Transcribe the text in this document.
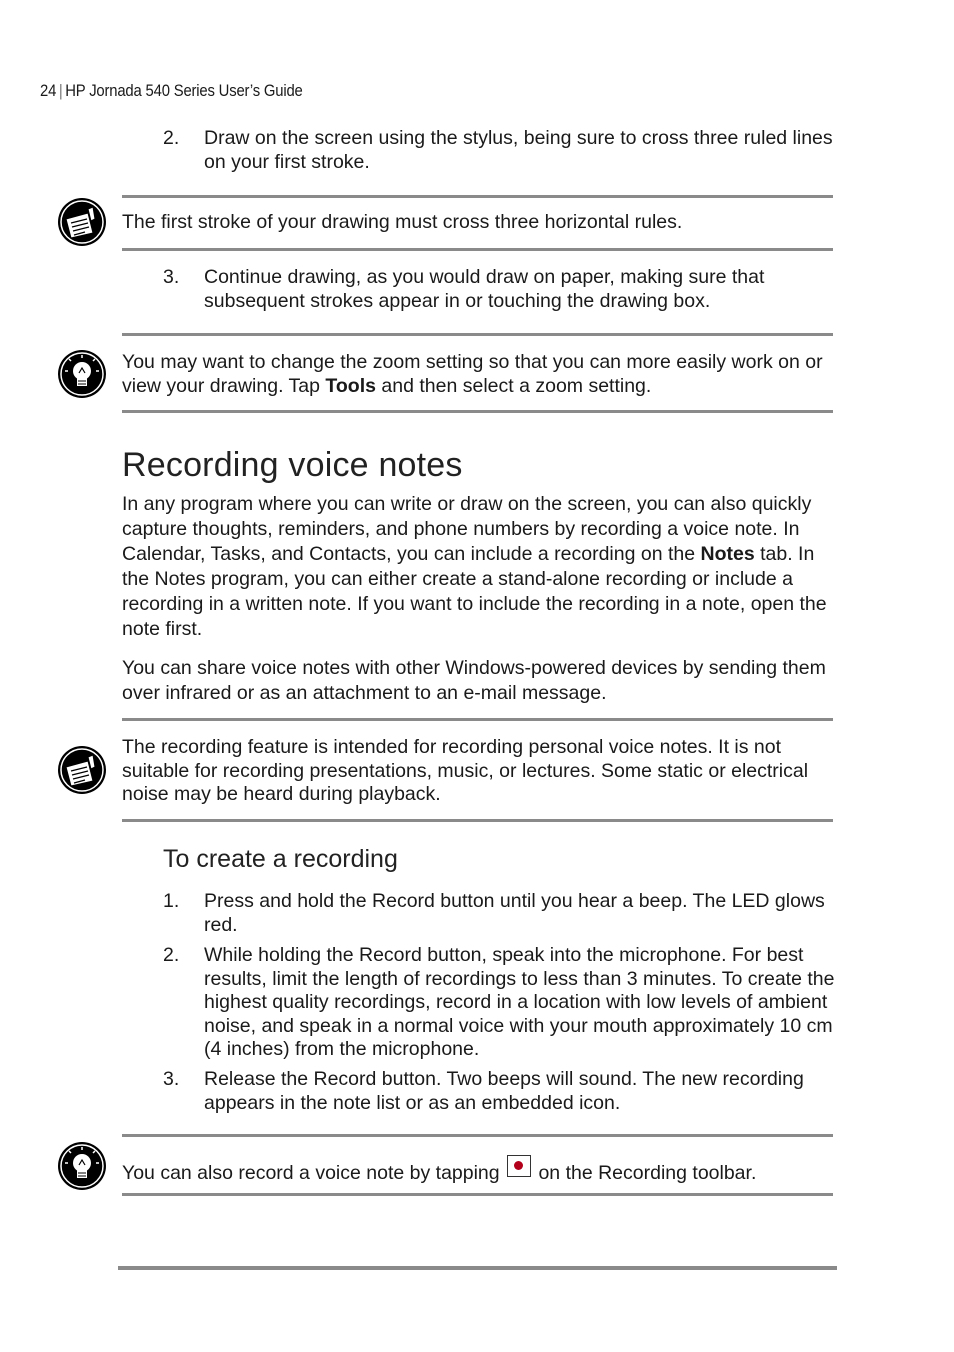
24 | HP Jornada 540 Series User’s Guide
2. Draw on the screen using the stylus, being sure to cross three ruled lines on your first stroke.
The first stroke of your drawing must cross three horizontal rules.
3. Continue drawing, as you would draw on paper, making sure that subsequent strokes appear in or touching the drawing box.
You may want to change the zoom setting so that you can more easily work on or view your drawing. Tap Tools and then select a zoom setting.
Recording voice notes

In any program where you can write or draw on the screen, you can also quickly capture thoughts, reminders, and phone numbers by recording a voice note. In Calendar, Tasks, and Contacts, you can include a recording on the Notes tab. In the Notes program, you can either create a stand-alone recording or include a recording in a written note. If you want to include the recording in a note, open the note first.

You can share voice notes with other Windows-powered devices by sending them over infrared or as an attachment to an e-mail message.

The recording feature is intended for recording personal voice notes. It is not suitable for recording presentations, music, or lectures. Some static or electrical noise may be heard during playback.
To create a recording
1. Press and hold the Record button until you hear a beep. The LED glows red.
2. While holding the Record button, speak into the microphone. For best results, limit the length of recordings to less than 3 minutes. To create the highest quality recordings, record in a location with low levels of ambient noise, and speak in a normal voice with your mouth approximately 10 cm (4 inches) from the microphone.
3. Release the Record button. Two beeps will sound. The new recording appears in the note list or as an embedded icon.
You can also record a voice note by tapping  on the Recording toolbar.
